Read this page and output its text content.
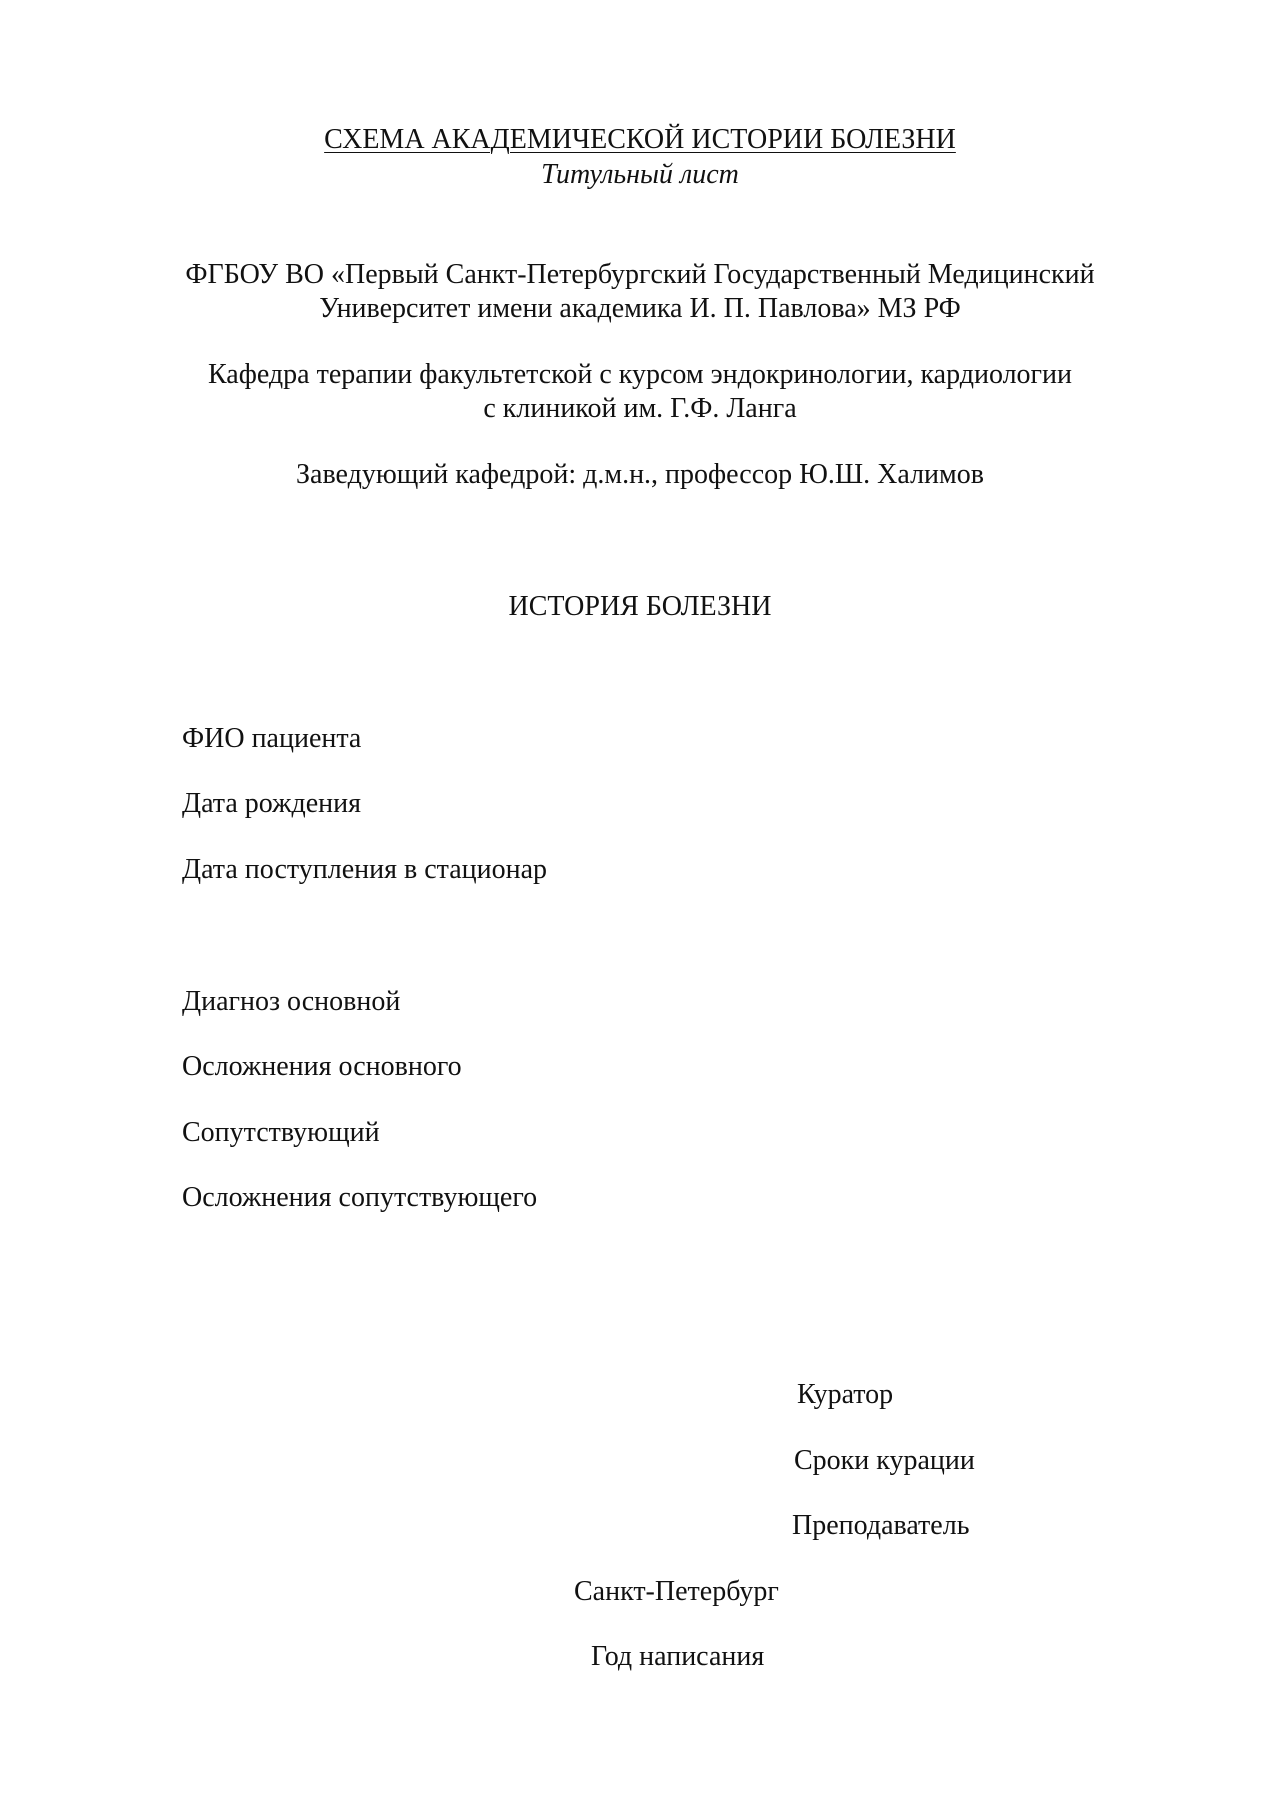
СХЕМА АКАДЕМИЧЕСКОЙ ИСТОРИИ БОЛЕЗНИ
Титульный лист
ФГБОУ ВО «Первый Санкт-Петербургский Государственный Медицинский
Университет имени академика И. П. Павлова» МЗ РФ
Кафедра терапии факультетской с курсом эндокринологии, кардиологии
с клиникой им. Г.Ф. Ланга
Заведующий кафедрой: д.м.н., профессор Ю.Ш. Халимов
ИСТОРИЯ БОЛЕЗНИ
ФИО пациента
Дата рождения
Дата поступления в стационар
Диагноз основной
Осложнения основного
Сопутствующий
Осложнения сопутствующего
Куратор
Сроки курации
Преподаватель
Санкт-Петербург
Год написания
